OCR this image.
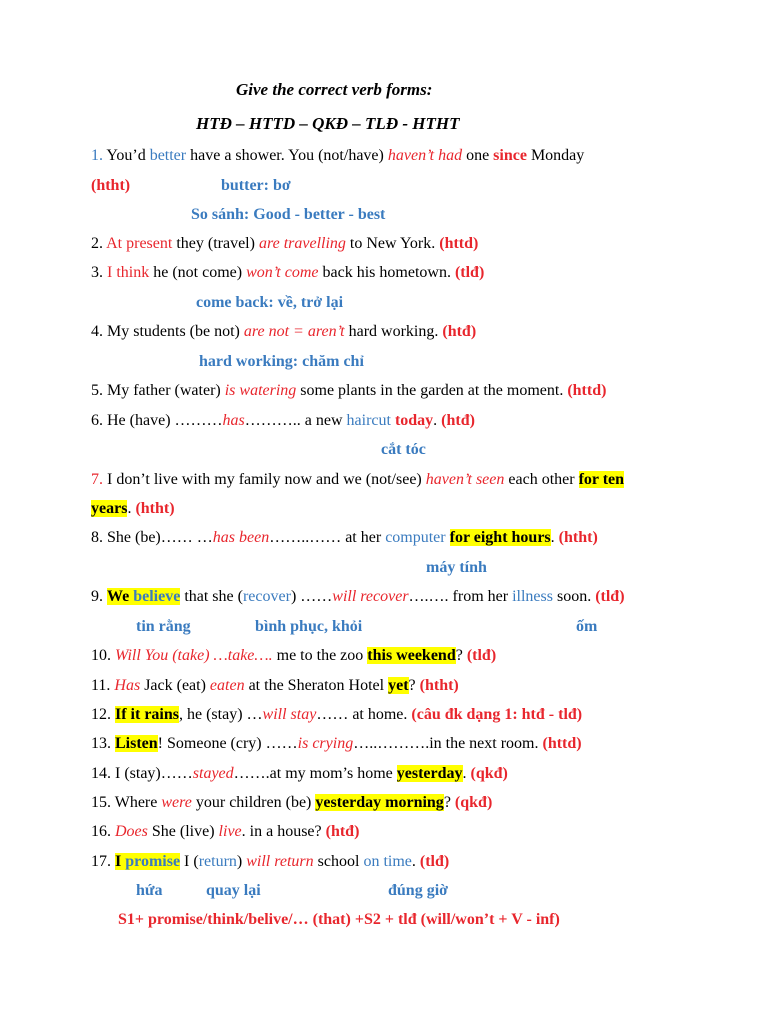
Give the correct verb forms:
HTĐ – HTTD – QKĐ – TLĐ - HTHT
1. You’d better have a shower. You (not/have) haven’t had one since Monday
(htht)	butter: bơ
So sánh: Good - better - best
2. At present they (travel) are travelling to New York. (httd)
3. I think he (not come) won’t come back his hometown. (tlđ)
come back: về, trở lại
4. My students (be not) are not = aren’t hard working. (htđ)
hard working: chăm chỉ
5. My father (water) is watering some plants in the garden at the moment. (httd)
6. He (have) ………has……….. a new haircut today. (htđ)
cắt tóc
7. I don’t live with my family now and we (not/see) haven’t seen each other for ten
years. (htht)
8. She (be)…… …has been……..…… at her computer for eight hours. (htht)
máy tính
9. We believe that she (recover) ……will recover….…. from her illness soon. (tlđ)
tin rằng	bình phục, khỏi	ốm
10. Will You (take) …take…. me to the zoo this weekend? (tlđ)
11. Has Jack (eat) eaten at the Sheraton Hotel yet? (htht)
12. If it rains, he (stay) …will stay…… at home. (câu đk dạng 1: htđ - tlđ)
13. Listen! Someone (cry) ……is crying…..……….in the next room. (httd)
14. I (stay)……stayed…….at my mom’s home yesterday. (qkđ)
15. Where were your children (be) yesterday morning? (qkđ)
16. Does She (live) live. in a house? (htđ)
17. I promise I (return) will return school on time. (tlđ)
hứa	quay lại	đúng giờ
S1+ promise/think/belive/… (that) +S2 + tlđ (will/won’t + V - inf)
